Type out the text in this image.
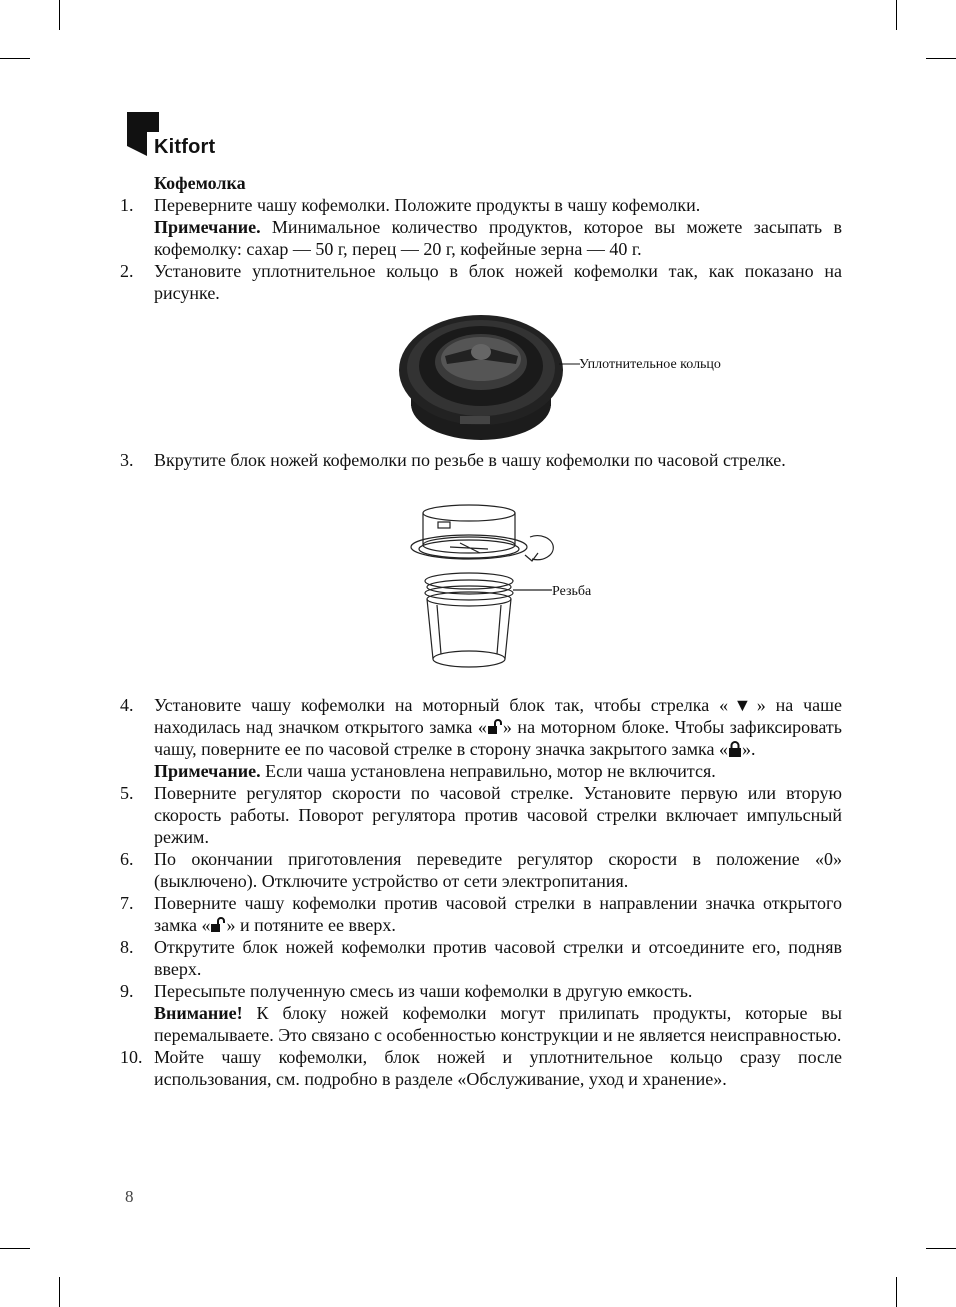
Kitfort
Кофемолка
1.	Переверните чашу кофемолки. Положите продукты в чашу кофемолки.

Примечание. Минимальное количество продуктов, которое вы можете засыпать в кофемолку: сахар — 50 г, перец — 20 г, кофейные зерна — 40 г.

2.	Установите уплотнительное кольцо в блок ножей кофемолки так, как показано на рисунке.

Уплотнительное кольцо
3.	Вкрутите блок ножей кофемолки по резьбе в чашу кофемолки по часовой стрелке.

Резьба
4.	Установите чашу кофемолки на моторный блок так, чтобы стрелка «▼» на чаше находилась над значком открытого замка « » на моторном блоке. Чтобы зафиксировать чашу, поверните ее по часовой стрелке в сторону значка закрытого замка « ».

Примечание. Если чаша установлена неправильно, мотор не включится.

5.	Поверните регулятор скорости по часовой стрелке. Установите первую или вторую скорость работы. Поворот регулятора против часовой стрелки включает импульсный режим.

6.	По окончании приготовления переведите регулятор скорости в положение «0» (выключено). Отключите устройство от сети электропитания.

7.	Поверните чашу кофемолки против часовой стрелки в направлении значка открытого замка « » и потяните ее вверх.

8.	Открутите блок ножей кофемолки против часовой стрелки и отсоедините его, подняв вверх.

9.	Пересыпьте полученную смесь из чаши кофемолки в другую емкость.

Внимание! К блоку ножей кофемолки могут прилипать продукты, которые вы перемалываете. Это связано с особенностью конструкции и не является неисправностью.

10. Мойте чашу кофемолки, блок ножей и уплотнительное кольцо сразу после использования, см. подробно в разделе «Обслуживание, уход и хранение».

8
